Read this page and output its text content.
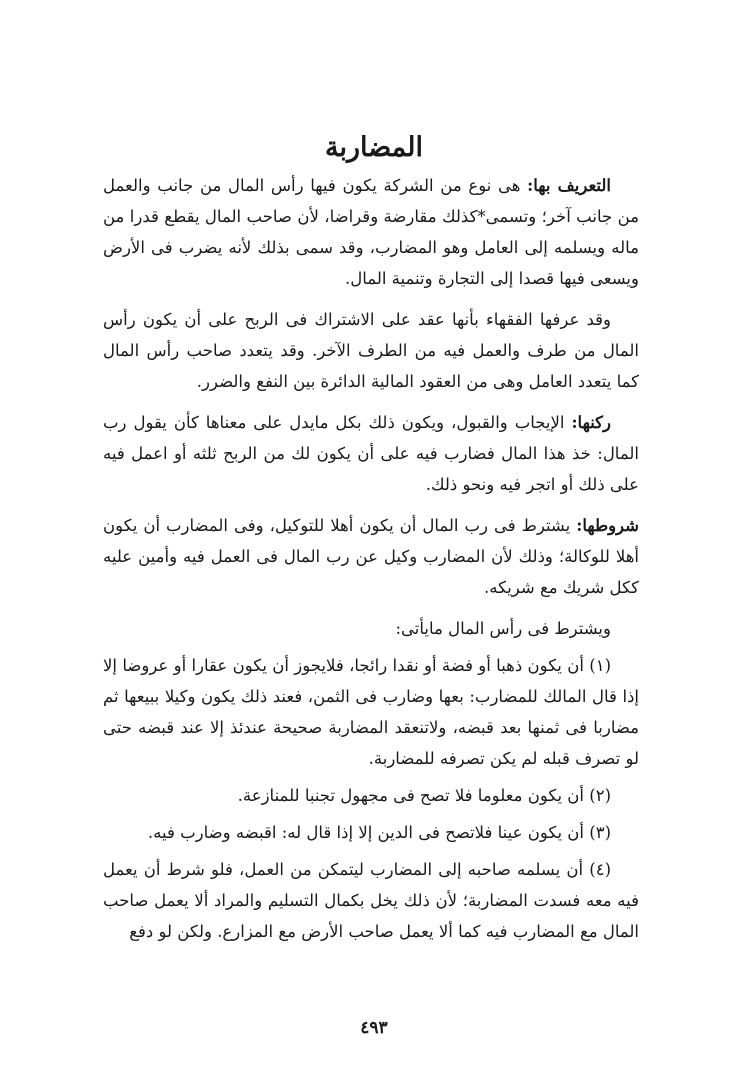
المضاربة

التعريف بها: هى نوع من الشركة يكون فيها رأس المال من جانب والعمل من جانب آخر؛ وتسمى*كذلك مقارضة وقراضا، لأن صاحب المال يقطع قدرا من ماله ويسلمه إلى العامل وهو المضارب، وقد سمى بذلك لأنه يضرب فى الأرض ويسعى فيها قصدا إلى التجارة وتنمية المال.

وقد عرفها الفقهاء بأنها عقد على الاشتراك فى الربح على أن يكون رأس المال من طرف والعمل فيه من الطرف الآخر. وقد يتعدد صاحب رأس المال كما يتعدد العامل وهى من العقود المالية الدائرة بين النفع والضرر.

ركنها: الإيجاب والقبول، ويكون ذلك بكل مايدل على معناها كأن يقول رب المال: خذ هذا المال فضارب فيه على أن يكون لك من الربح ثلثه أو اعمل فيه على ذلك أو اتجر فيه ونحو ذلك.

شروطها: يشترط فى رب المال أن يكون أهلا للتوكيل، وفى المضارب أن يكون أهلا للوكالة؛ وذلك لأن المضارب وكيل عن رب المال فى العمل فيه وأمين عليه ككل شريك مع شريكه.

ويشترط فى رأس المال مايأتى:

(١) أن يكون ذهبا أو فضة أو نقدا رائجا، فلايجوز أن يكون عقارا أو عروضا إلا إذا قال المالك للمضارب: بعها وضارب فى الثمن، فعند ذلك يكون وكيلا ببيعها ثم مضاربا فى ثمنها بعد قبضه، ولاتنعقد المضاربة صحيحة عندئذ إلا عند قبضه حتى لو تصرف قبله لم يكن تصرفه للمضاربة.

(٢) أن يكون معلوما فلا تصح فى مجهول تجنبا للمنازعة.

(٣) أن يكون عينا فلاتصح فى الدين إلا إذا قال له: اقبضه وضارب فيه.

(٤) أن يسلمه صاحبه إلى المضارب ليتمكن من العمل، فلو شرط أن يعمل فيه معه فسدت المضاربة؛ لأن ذلك يخل بكمال التسليم والمراد ألا يعمل صاحب المال مع المضارب فيه كما ألا يعمل صاحب الأرض مع المزارع. ولكن لو دفع

٤٩٣
